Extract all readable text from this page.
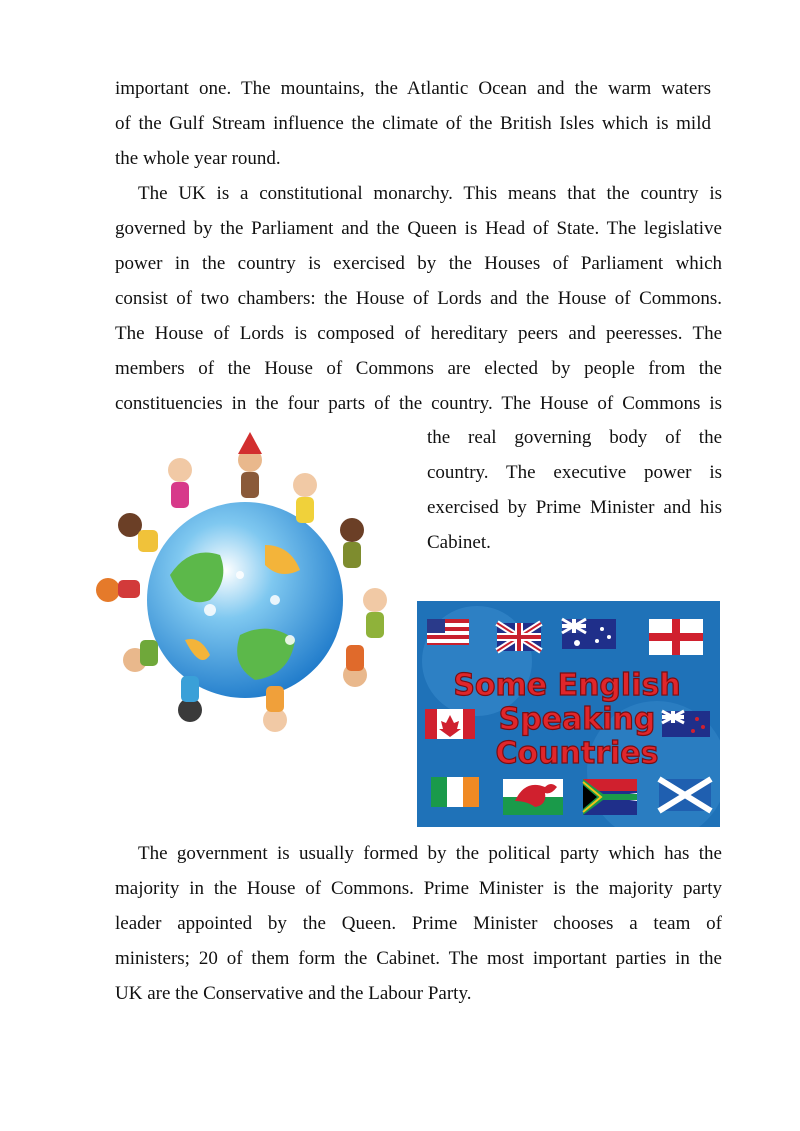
important one. The mountains, the Atlantic Ocean and the warm waters
of the Gulf Stream influence the climate of the British Isles which is mild
the whole year round.
The UK is a constitutional monarchy. This means that the country is
governed by the Parliament and the Queen is Head of State. The legislative
power in the country is exercised by the Houses of Parliament which
consist of two chambers: the House of Lords and the House of Commons.
The House of Lords is composed of hereditary peers and peeresses. The
members of the House of Commons are elected by people from the
constituencies in the four parts of the country. The House of Commons is
the real governing body of the
country. The executive power is
exercised by Prime Minister and his
Cabinet.
Some English
Speaking
Countries
The government is usually formed by the political party which has the
majority in the House of Commons. Prime Minister is the majority party
leader appointed by the Queen. Prime Minister chooses a team of
ministers; 20 of them form the Cabinet. The most important parties in the
UK are the Conservative and the Labour Party.
